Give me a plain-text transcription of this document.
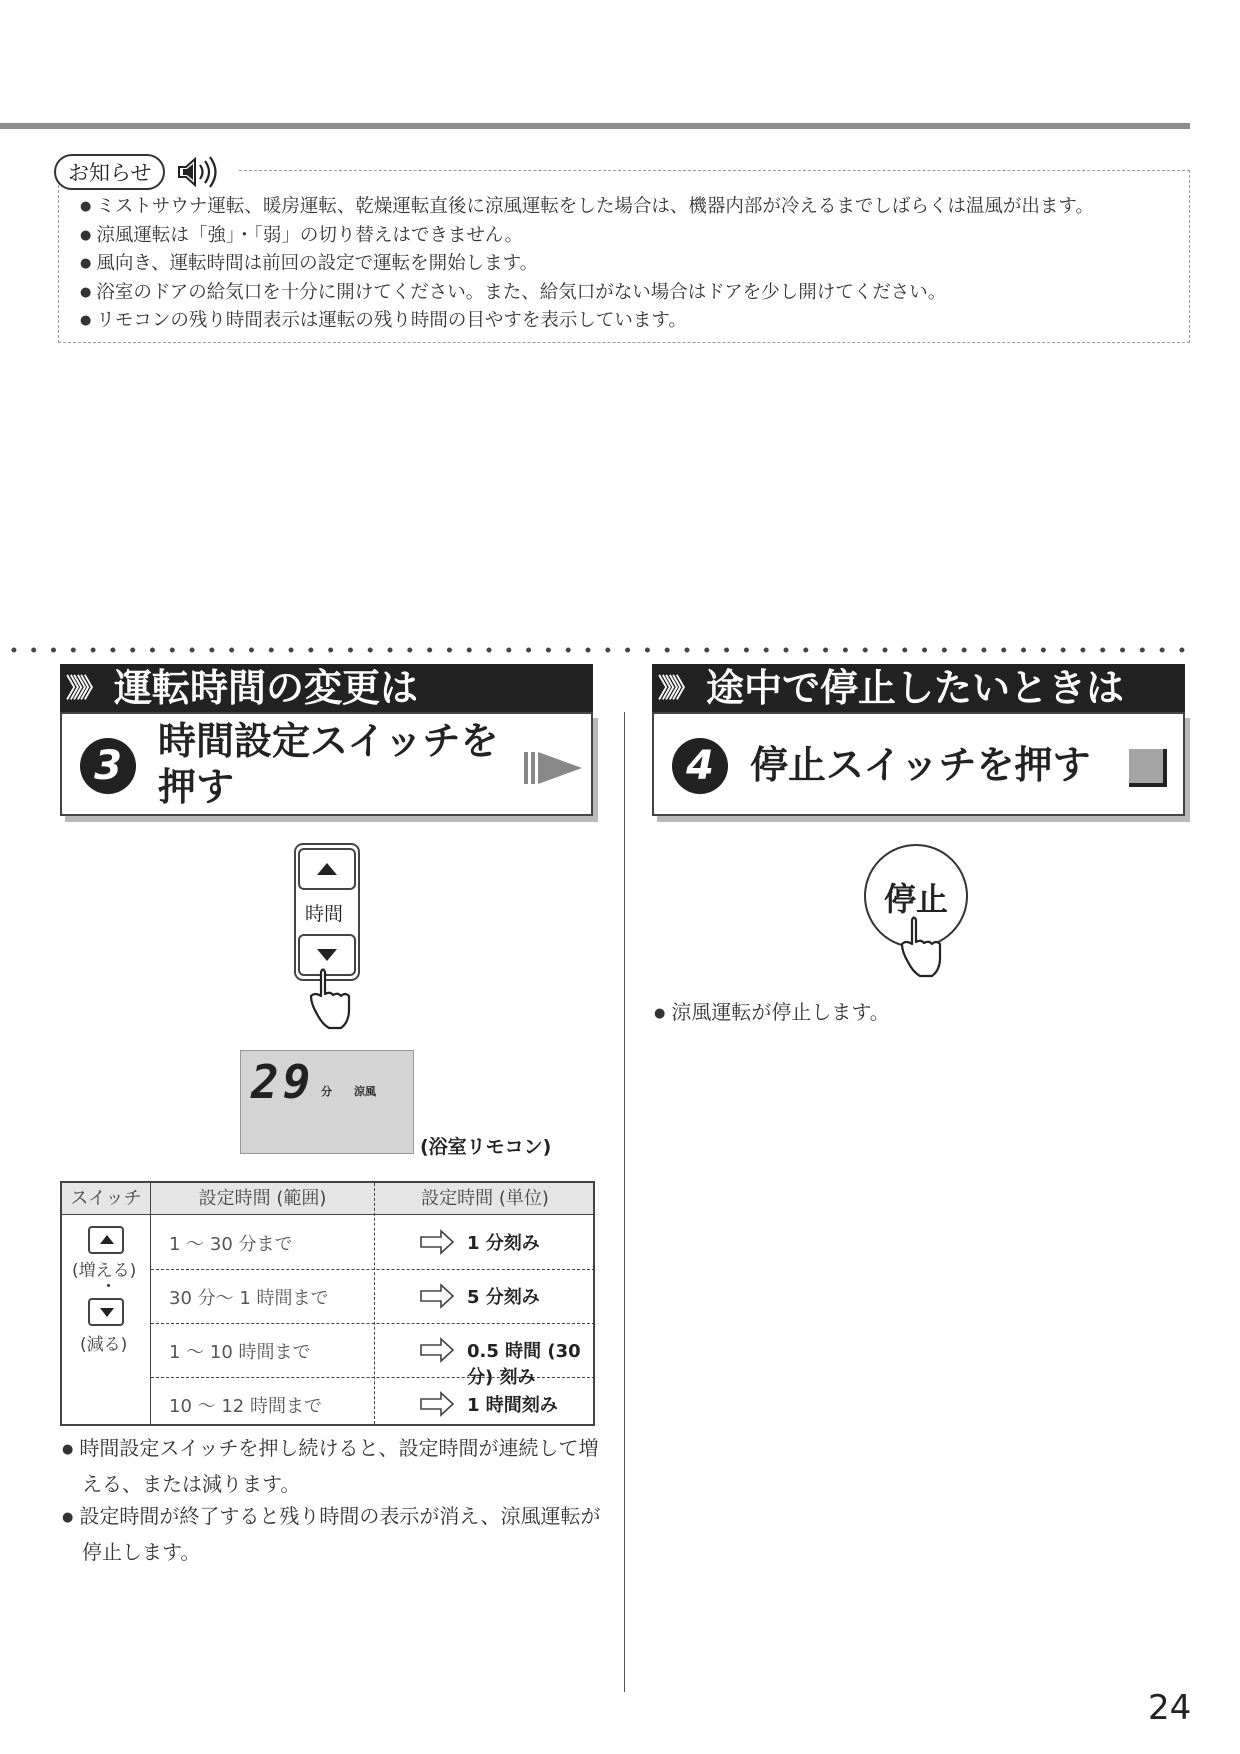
お知らせ
● ミストサウナ運転、暖房運転、乾燥運転直後に涼風運転をした場合は、機器内部が冷えるまでしばらくは温風が出ます。
● 涼風運転は「強」・「弱」の切り替えはできません。
● 風向き、運転時間は前回の設定で運転を開始します。
● 浴室のドアの給気口を十分に開けてください。また、給気口がない場合はドアを少し開けてください。
● リモコンの残り時間表示は運転の残り時間の目やすを表示しています。
》》》 運転時間の変更は
3
時間設定スイッチを
押す
時間
29 分 涼風
(浴室リモコン)
スイッチ	設定時間 (範囲)	設定時間 (単位)
(増える)
・
(減る)
1 ～ 30 分まで	1 分刻み
30 分～ 1 時間まで	5 分刻み
1 ～ 10 時間まで	0.5 時間 (30 分) 刻み
10 ～ 12 時間まで	1 時間刻み
● 時間設定スイッチを押し続けると、設定時間が連続して増える、または減ります。
● 設定時間が終了すると残り時間の表示が消え、涼風運転が停止します。
》》》 途中で停止したいときは
4 停止スイッチを押す
停止
● 涼風運転が停止します。
24
